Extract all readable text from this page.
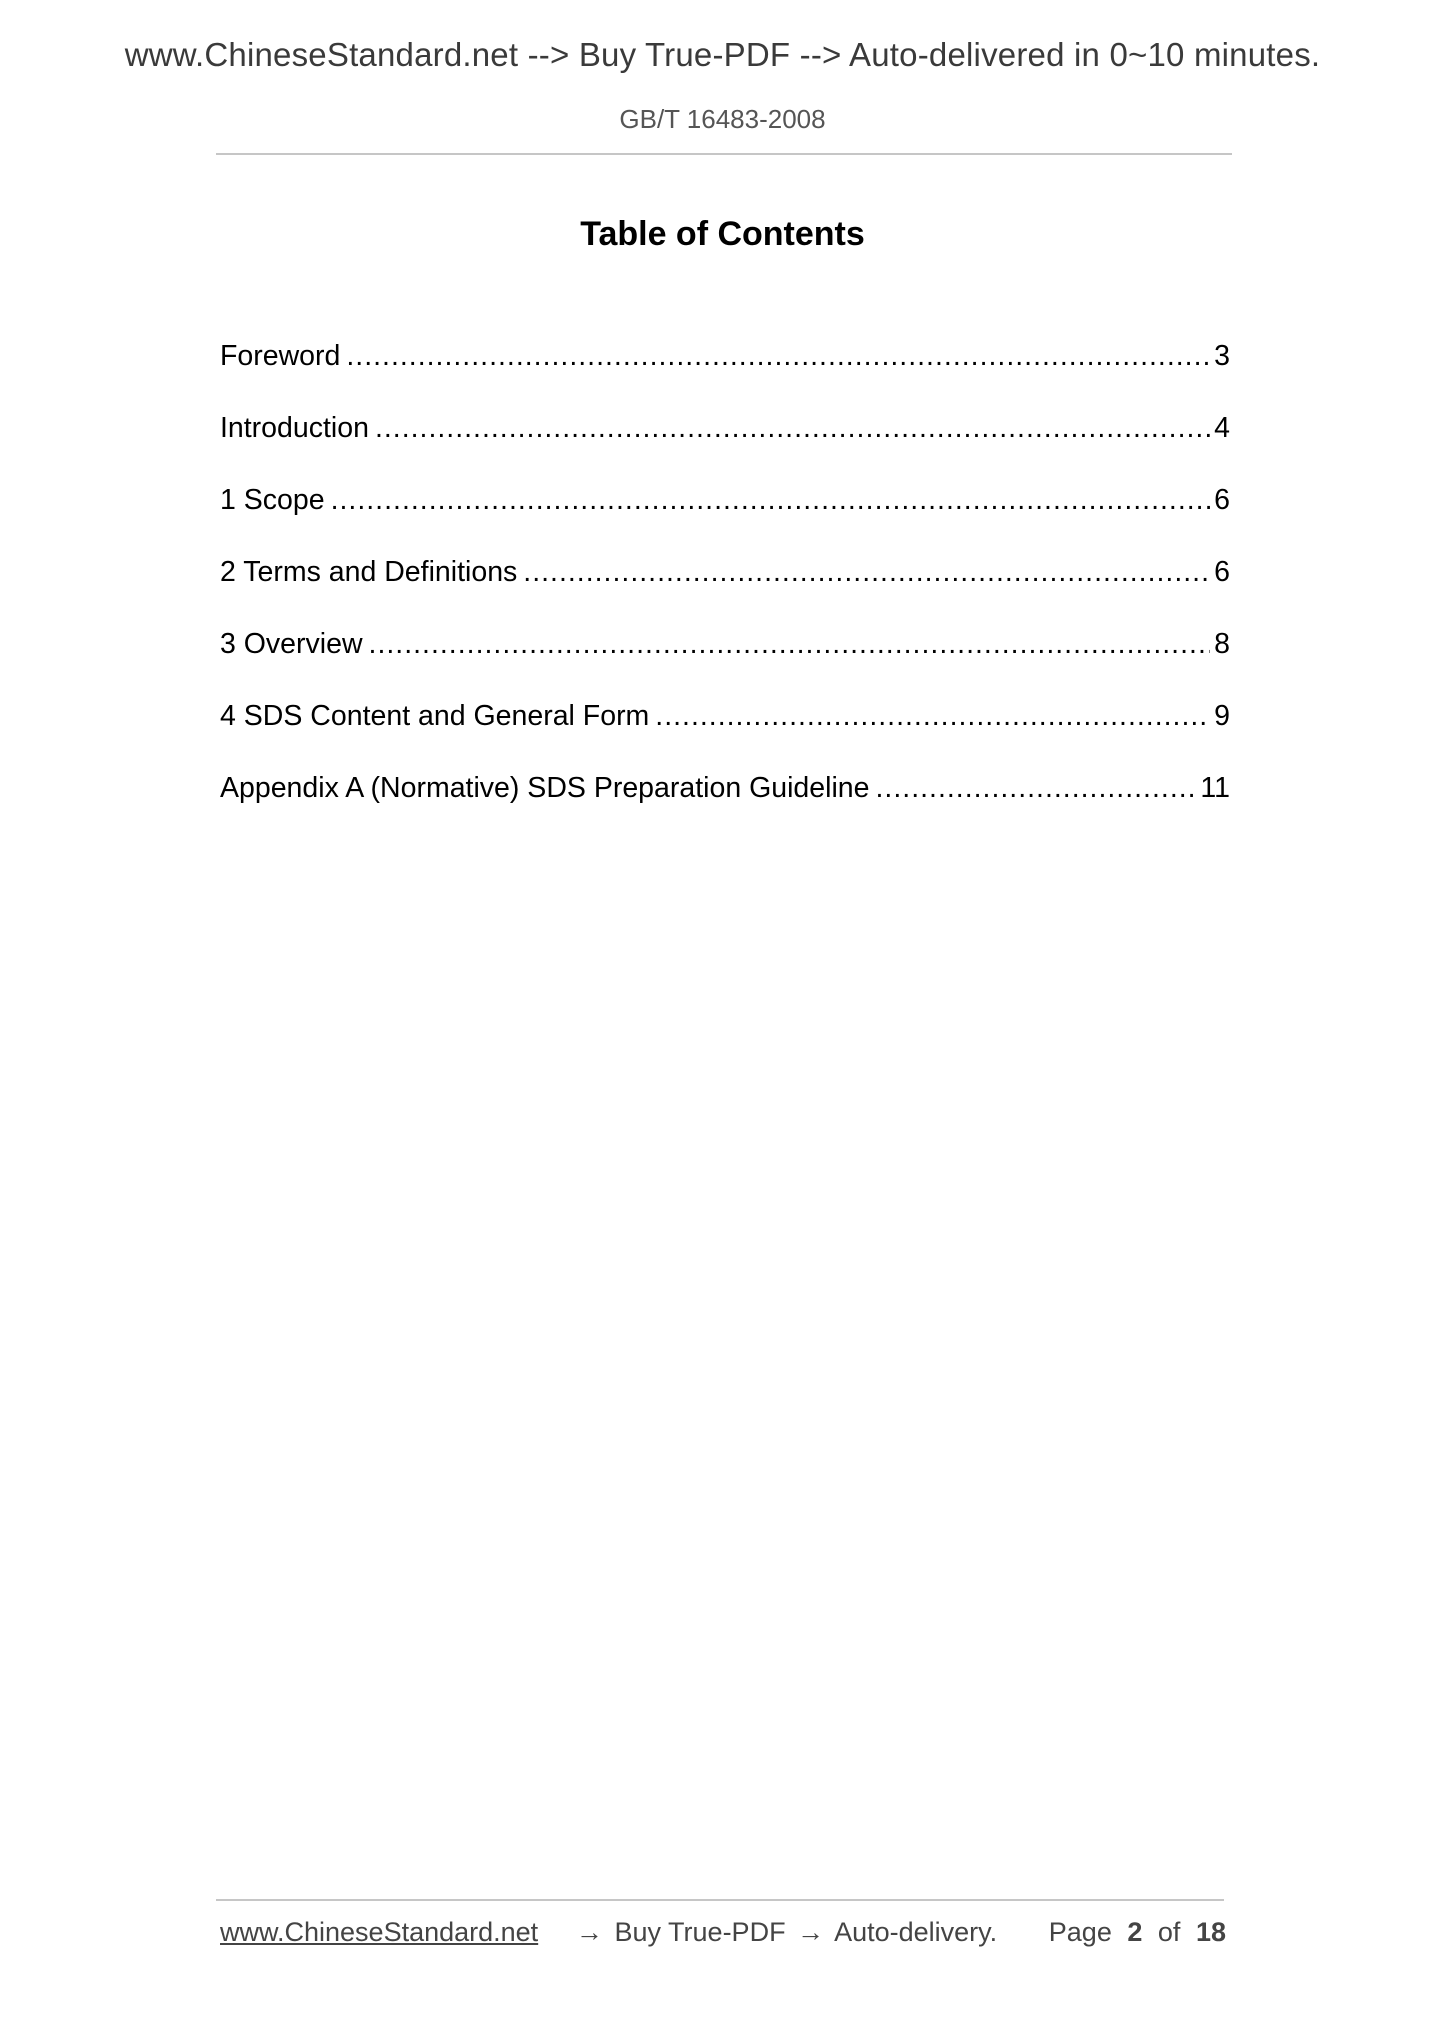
www.ChineseStandard.net --> Buy True-PDF --> Auto-delivered in 0~10 minutes.
GB/T 16483-2008
Table of Contents
Foreword .....	3
Introduction .....	4
1 Scope .....	6
2 Terms and Definitions .....	6
3 Overview .....	8
4 SDS Content and General Form .....	9
Appendix A (Normative) SDS Preparation Guideline .....	11
www.ChineseStandard.net → Buy True-PDF → Auto-delivery. Page 2 of 18
